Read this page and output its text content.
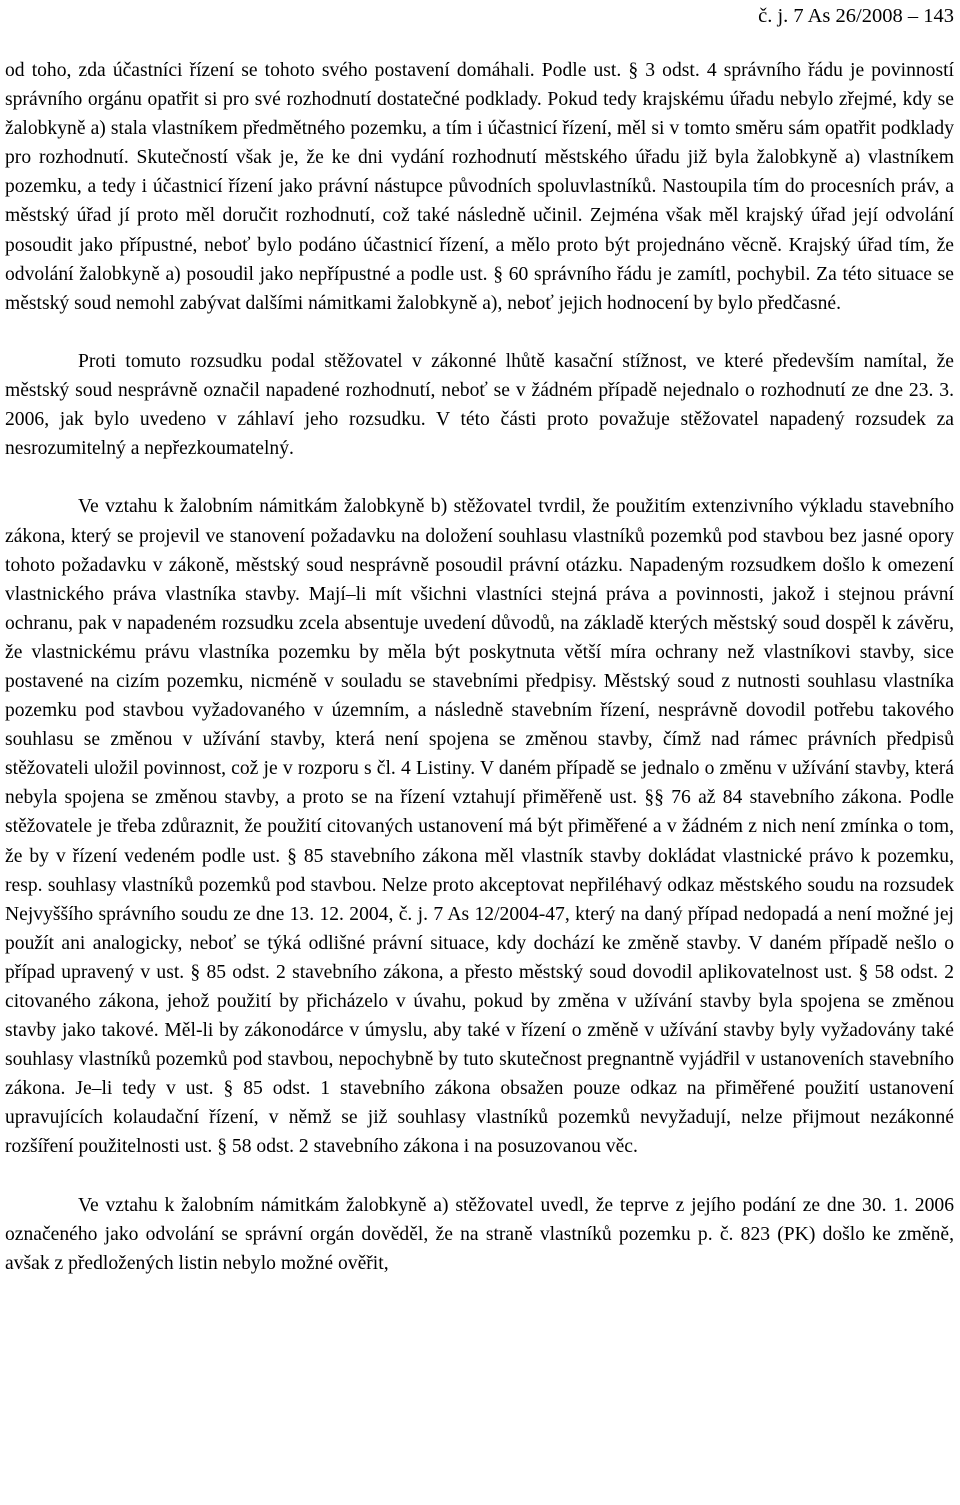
č. j. 7 As 26/2008 – 143

od toho, zda účastníci řízení se tohoto svého postavení domáhali. Podle ust. § 3 odst. 4 správního řádu je povinností správního orgánu opatřit si pro své rozhodnutí dostatečné podklady. Pokud tedy krajskému úřadu nebylo zřejmé, kdy se žalobkyně a) stala vlastníkem předmětného pozemku, a tím i účastnicí řízení, měl si v tomto směru sám opatřit podklady pro rozhodnutí. Skutečností však je, že ke dni vydání rozhodnutí městského úřadu již byla žalobkyně a) vlastníkem pozemku, a tedy i účastnicí řízení jako právní nástupce původních spoluvlastníků. Nastoupila tím do procesních práv, a městský úřad jí proto měl doručit rozhodnutí, což také následně učinil. Zejména však měl krajský úřad její odvolání posoudit jako přípustné, neboť bylo podáno účastnicí řízení, a mělo proto být projednáno věcně. Krajský úřad tím, že odvolání žalobkyně a) posoudil jako nepřípustné a podle ust. § 60 správního řádu je zamítl, pochybil. Za této situace se městský soud nemohl zabývat dalšími námitkami žalobkyně a), neboť jejich hodnocení by bylo předčasné.

Proti tomuto rozsudku podal stěžovatel v zákonné lhůtě kasační stížnost, ve které především namítal, že městský soud nesprávně označil napadené rozhodnutí, neboť se v žádném případě nejednalo o rozhodnutí ze dne 23. 3. 2006, jak bylo uvedeno v záhlaví jeho rozsudku. V této části proto považuje stěžovatel napadený rozsudek za nesrozumitelný a nepřezkoumatelný.

Ve vztahu k žalobním námitkám žalobkyně b) stěžovatel tvrdil, že použitím extenzivního výkladu stavebního zákona, který se projevil ve stanovení požadavku na doložení souhlasu vlastníků pozemků pod stavbou bez jasné opory tohoto požadavku v zákoně, městský soud nesprávně posoudil právní otázku. Napadeným rozsudkem došlo k omezení vlastnického práva vlastníka stavby. Mají–li mít všichni vlastníci stejná práva a povinnosti, jakož i stejnou právní ochranu, pak v napadeném rozsudku zcela absentuje uvedení důvodů, na základě kterých městský soud dospěl k závěru, že vlastnickému právu vlastníka pozemku by měla být poskytnuta větší míra ochrany než vlastníkovi stavby, sice postavené na cizím pozemku, nicméně v souladu se stavebními předpisy. Městský soud z nutnosti souhlasu vlastníka pozemku pod stavbou vyžadovaného v územním, a následně stavebním řízení, nesprávně dovodil potřebu takového souhlasu se změnou v užívání stavby, která není spojena se změnou stavby, čímž nad rámec právních předpisů stěžovateli uložil povinnost, což je v rozporu s čl. 4 Listiny. V daném případě se jednalo o změnu v užívání stavby, která nebyla spojena se změnou stavby, a proto se na řízení vztahují přiměřeně ust. §§ 76 až 84 stavebního zákona. Podle stěžovatele je třeba zdůraznit, že použití citovaných ustanovení má být přiměřené a v žádném z nich není zmínka o tom, že by v řízení vedeném podle ust. § 85 stavebního zákona měl vlastník stavby dokládat vlastnické právo k pozemku, resp. souhlasy vlastníků pozemků pod stavbou. Nelze proto akceptovat nepřiléhavý odkaz městského soudu na rozsudek Nejvyššího správního soudu ze dne 13. 12. 2004, č. j. 7 As 12/2004-47, který na daný případ nedopadá a není možné jej použít ani analogicky, neboť se týká odlišné právní situace, kdy dochází ke změně stavby. V daném případě nešlo o případ upravený v ust. § 85 odst. 2 stavebního zákona, a přesto městský soud dovodil aplikovatelnost ust. § 58 odst. 2 citovaného zákona, jehož použití by přicházelo v úvahu, pokud by změna v užívání stavby byla spojena se změnou stavby jako takové. Měl-li by zákonodárce v úmyslu, aby také v řízení o změně v užívání stavby byly vyžadovány také souhlasy vlastníků pozemků pod stavbou, nepochybně by tuto skutečnost pregnantně vyjádřil v ustanoveních stavebního zákona. Je–li tedy v ust. § 85 odst. 1 stavebního zákona obsažen pouze odkaz na přiměřené použití ustanovení upravujících kolaudační řízení, v němž se již souhlasy vlastníků pozemků nevyžadují, nelze přijmout nezákonné rozšíření použitelnosti ust. § 58 odst. 2 stavebního zákona i na posuzovanou věc.

Ve vztahu k žalobním námitkám žalobkyně a) stěžovatel uvedl, že teprve z jejího podání ze dne 30. 1. 2006 označeného jako odvolání se správní orgán dověděl, že na straně vlastníků pozemku p. č. 823 (PK) došlo ke změně, avšak z předložených listin nebylo možné ověřit,
